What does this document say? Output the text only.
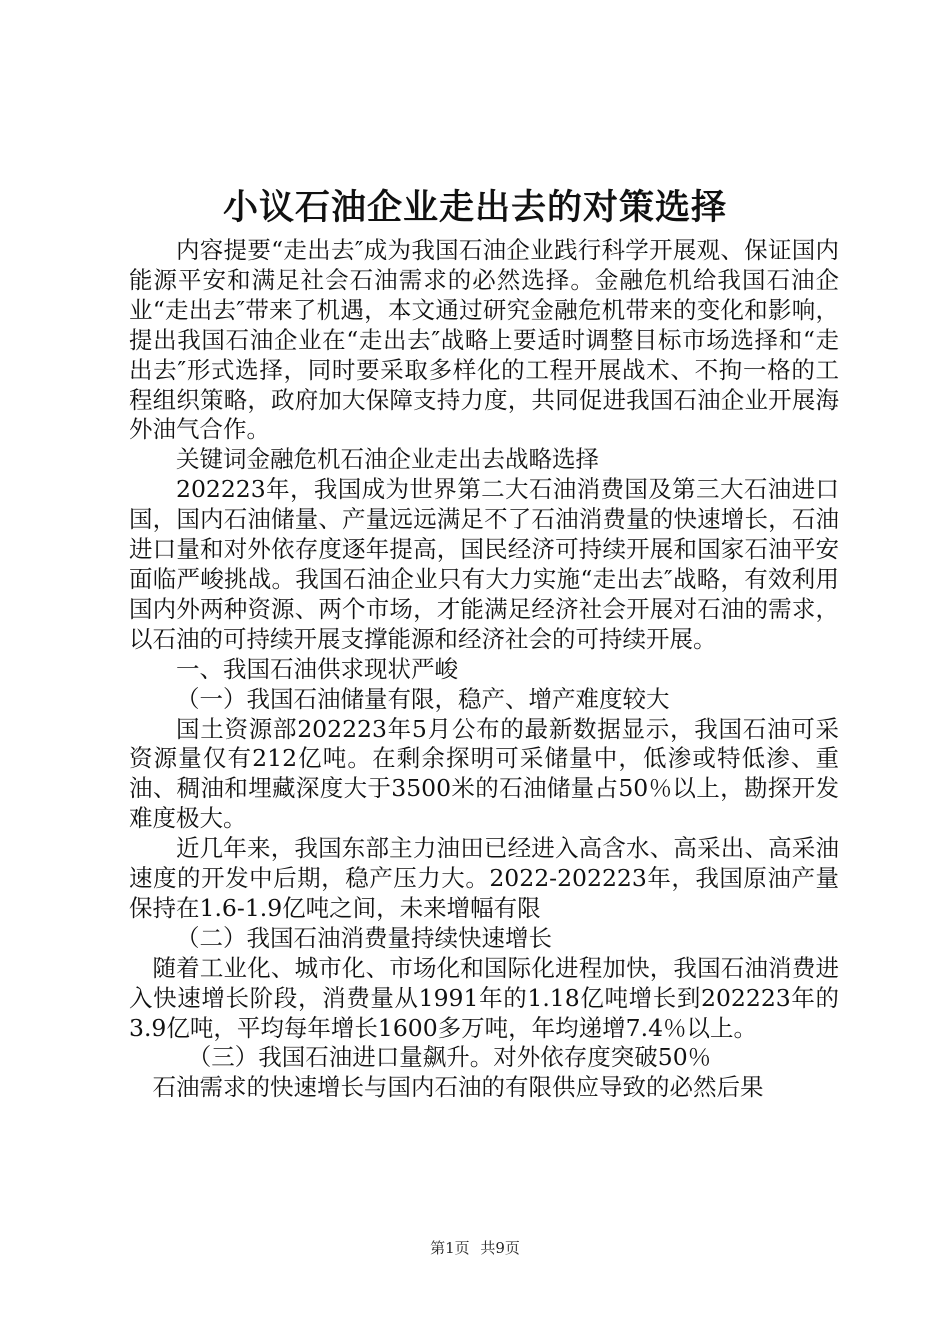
小议石油企业走出去的对策选择

内容提要“走出去″成为我国石油企业践行科学开展观、保证国内能源平安和满足社会石油需求的必然选择。金融危机给我国石油企业“走出去″带来了机遇，本文通过研究金融危机带来的变化和影响，提出我国石油企业在“走出去″战略上要适时调整目标市场选择和“走出去″形式选择，同时要采取多样化的工程开展战术、不拘一格的工程组织策略，政府加大保障支持力度，共同促进我国石油企业开展海外油气合作。

关键词金融危机石油企业走出去战略选择

202223年，我国成为世界第二大石油消费国及第三大石油进口国，国内石油储量、产量远远满足不了石油消费量的快速增长，石油进口量和对外依存度逐年提高，国民经济可持续开展和国家石油平安面临严峻挑战。我国石油企业只有大力实施“走出去″战略，有效利用国内外两种资源、两个市场，才能满足经济社会开展对石油的需求，以石油的可持续开展支撑能源和经济社会的可持续开展。

一、我国石油供求现状严峻

（一）我国石油储量有限，稳产、增产难度较大

国土资源部202223年5月公布的最新数据显示，我国石油可采资源量仅有212亿吨。在剩余探明可采储量中，低渗或特低渗、重油、稠油和埋藏深度大于3500米的石油储量占50％以上，勘探开发难度极大。

近几年来，我国东部主力油田已经进入高含水、高采出、高采油速度的开发中后期，稳产压力大。2022-202223年，我国原油产量保持在1.6-1.9亿吨之间，未来增幅有限

（二）我国石油消费量持续快速增长

随着工业化、城市化、市场化和国际化进程加快，我国石油消费进入快速增长阶段，消费量从1991年的1.18亿吨增长到202223年的3.9亿吨，平均每年增长1600多万吨，年均递增7.4％以上。

（三）我国石油进口量飙升。对外依存度突破50％

石油需求的快速增长与国内石油的有限供应导致的必然后果

第1页 共9页
